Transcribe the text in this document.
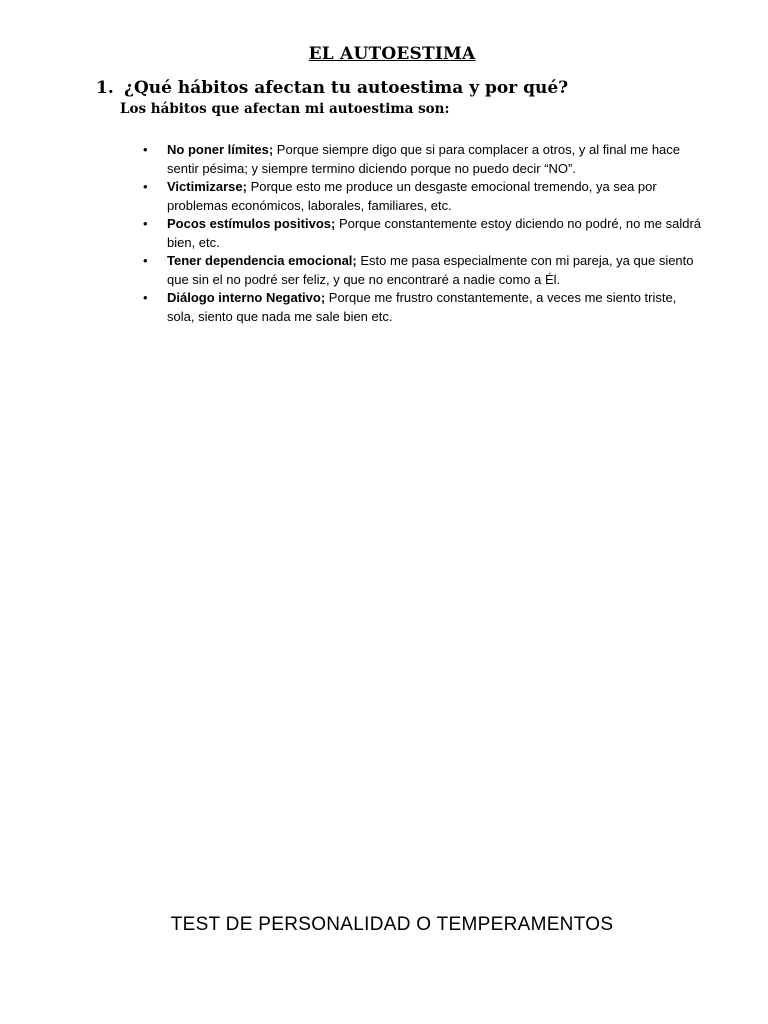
EL AUTOESTIMA
1. ¿Qué hábitos afectan tu autoestima y por qué?
Los hábitos que afectan mi autoestima son:
• No poner límites; Porque siempre digo que si para complacer a otros, y al final me hace sentir pésima; y siempre termino diciendo porque no puedo decir “NO”.
• Victimizarse; Porque esto me produce un desgaste emocional tremendo, ya sea por problemas económicos, laborales, familiares, etc.
• Pocos estímulos positivos; Porque constantemente estoy diciendo no podré, no me saldrá bien, etc.
• Tener dependencia emocional; Esto me pasa especialmente con mi pareja, ya que siento que sin el no podré ser feliz, y que no encontraré a nadie como a Él.
• Diálogo interno Negativo; Porque me frustro constantemente, a veces me siento triste, sola, siento que nada me sale bien etc.
TEST DE PERSONALIDAD O TEMPERAMENTOS
